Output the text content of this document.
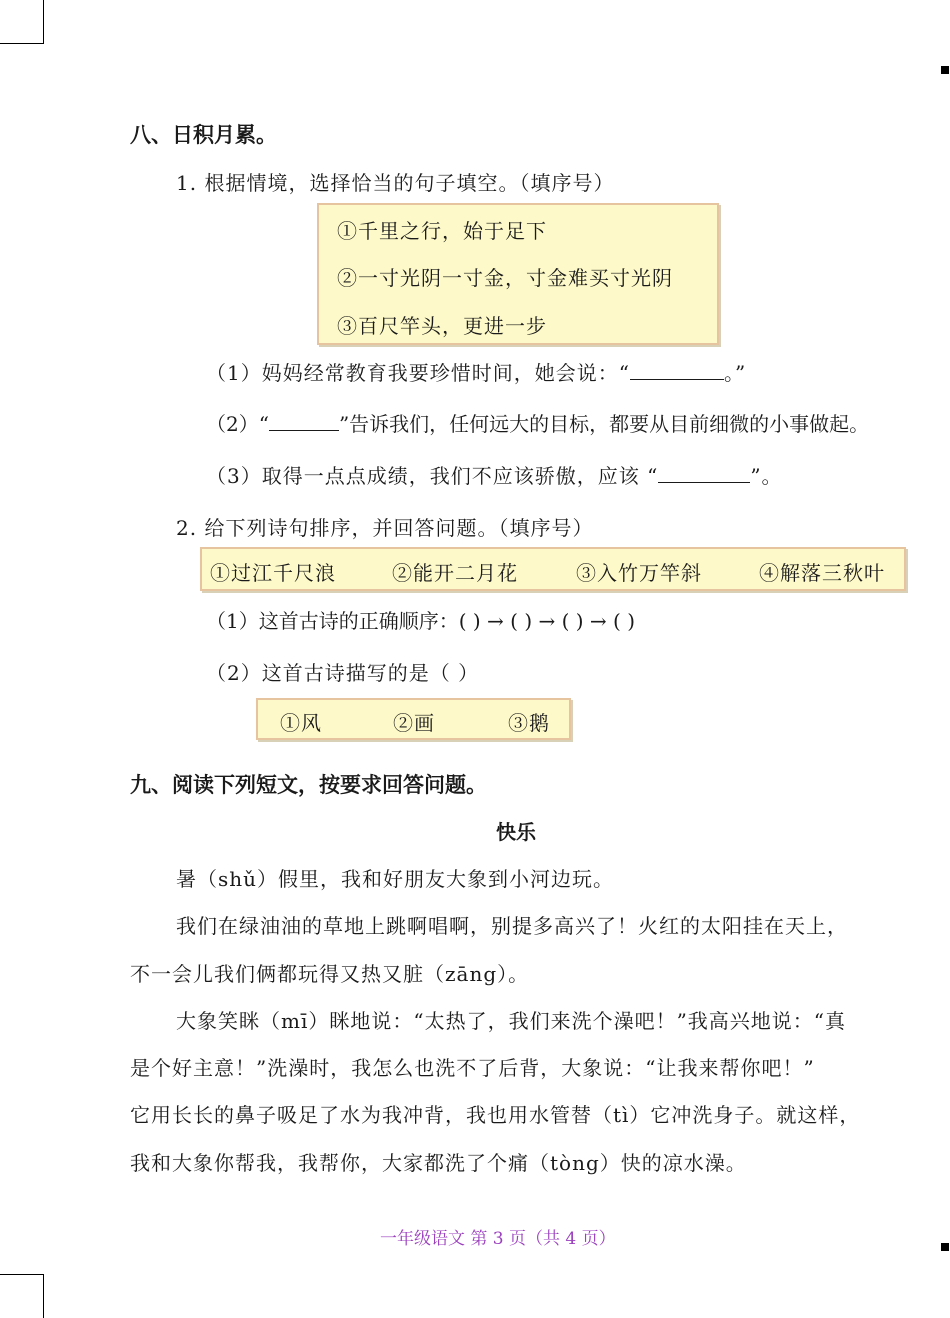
八、日积月累。
1. 根据情境，选择恰当的句子填空。（填序号）
①千里之行，始于足下
②一寸光阴一寸金，寸金难买寸光阴
③百尺竿头，更进一步
（1）妈妈经常教育我要珍惜时间，她会说：“	。”
（2）“	”告诉我们，任何远大的目标，都要从目前细微的小事做起。
（3）取得一点点成绩，我们不应该骄傲，应该 “	”。
2. 给下列诗句排序，并回答问题。（填序号）
①过江千尺浪	②能开二月花	③入竹万竿斜	④解落三秋叶
（1）这首古诗的正确顺序：( ) → ( ) → ( ) → ( )
（2）这首古诗描写的是（ ）
①风	②画	③鹅
九、阅读下列短文，按要求回答问题。
快乐
暑（shǔ）假里，我和好朋友大象到小河边玩。
我们在绿油油的草地上跳啊唱啊，别提多高兴了！火红的太阳挂在天上，
不一会儿我们俩都玩得又热又脏（zāng）。
大象笑眯（mī）眯地说：“太热了，我们来洗个澡吧！”我高兴地说：“真
是个好主意！”洗澡时，我怎么也洗不了后背，大象说：“让我来帮你吧！”
它用长长的鼻子吸足了水为我冲背，我也用水管替（tì）它冲洗身子。就这样，
我和大象你帮我，我帮你，大家都洗了个痛（tòng）快的凉水澡。
一年级语文 第 3 页（共 4 页）
